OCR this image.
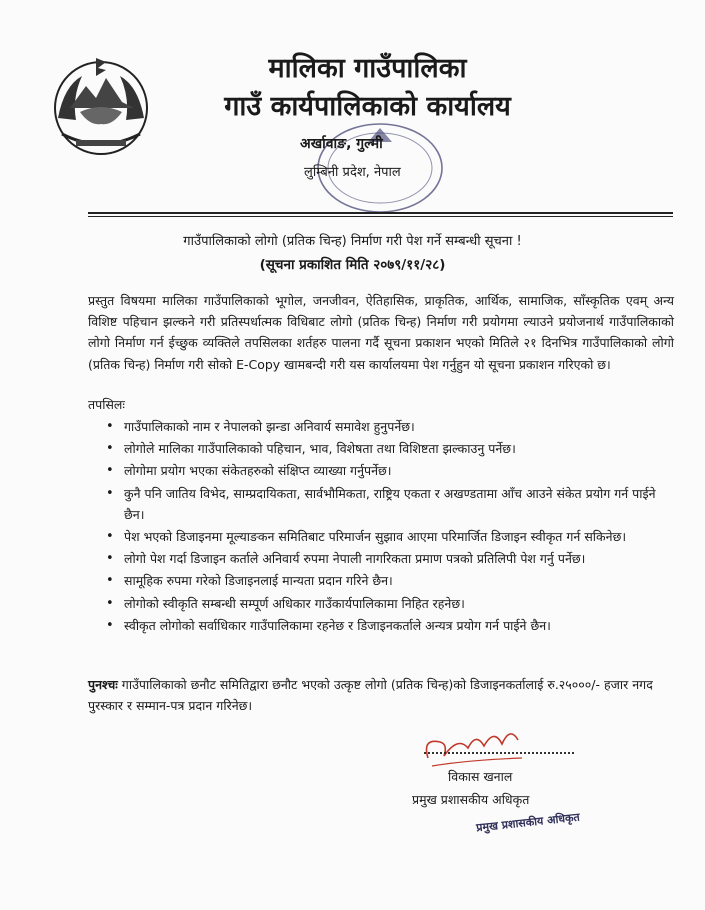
मालिका गाउँपालिका
गाउँ कार्यपालिकाको कार्यालय
अर्खावाङ, गुल्मी
लुम्बिनी प्रदेश, नेपाल
गाउँपालिकाको लोगो (प्रतिक चिन्ह) निर्माण गरी पेश गर्ने सम्बन्धी सूचना !
(सूचना प्रकाशित मिति २०७९/११/२८)
प्रस्तुत विषयमा मालिका गाउँपालिकाको भूगोल, जनजीवन, ऐतिहासिक, प्राकृतिक, आर्थिक, सामाजिक, साँस्कृतिक एवम् अन्य विशिष्ट पहिचान झल्कने गरी प्रतिस्पर्धात्मक विधिबाट लोगो (प्रतिक चिन्ह) निर्माण गरी प्रयोगमा ल्याउने प्रयोजनार्थ गाउँपालिकाको लोगो निर्माण गर्न ईच्छुक व्यक्तिले तपसिलका शर्तहरु पालना गर्दै सूचना प्रकाशन भएको मितिले २१ दिनभित्र गाउँपालिकाको लोगो (प्रतिक चिन्ह) निर्माण गरी सोको E-Copy खामबन्दी गरी यस कार्यालयमा पेश गर्नुहुन यो सूचना प्रकाशन गरिएको छ।
तपसिलः
• गाउँपालिकाको नाम र नेपालको झन्डा अनिवार्य समावेश हुनुपर्नेछ।
• लोगोले मालिका गाउँपालिकाको पहिचान, भाव, विशेषता तथा विशिष्टता झल्काउनु पर्नेछ।
• लोगोमा प्रयोग भएका संकेतहरुको संक्षिप्त व्याख्या गर्नुपर्नेछ।
• कुनै पनि जातिय विभेद, साम्प्रदायिकता, सार्वभौमिकता, राष्ट्रिय एकता र अखण्डतामा आँच आउने संकेत प्रयोग गर्न पाईने छैन।
• पेश भएको डिजाइनमा मूल्याङकन समितिबाट परिमार्जन सुझाव आएमा परिमार्जित डिजाइन स्वीकृत गर्न सकिनेछ।
• लोगो पेश गर्दा डिजाइन कर्ताले अनिवार्य रुपमा नेपाली नागरिकता प्रमाण पत्रको प्रतिलिपी पेश गर्नु पर्नेछ।
• सामूहिक रुपमा गरेको डिजाइनलाई मान्यता प्रदान गरिने छैन।
• लोगोको स्वीकृति सम्बन्धी सम्पूर्ण अधिकार गाउँकार्यपालिकामा निहित रहनेछ।
• स्वीकृत लोगोको सर्वाधिकार गाउँपालिकामा रहनेछ र डिजाइनकर्ताले अन्यत्र प्रयोग गर्न पाईने छैन।
पुनश्चः गाउँपालिकाको छनौट समितिद्वारा छनौट भएको उत्कृष्ट लोगो (प्रतिक चिन्ह)को डिजाइनकर्तालाई रु.२५०००/- हजार नगद पुरस्कार र सम्मान-पत्र प्रदान गरिनेछ।
विकास खनाल
प्रमुख प्रशासकीय अधिकृत
प्रमुख प्रशासकीय अधिकृत
